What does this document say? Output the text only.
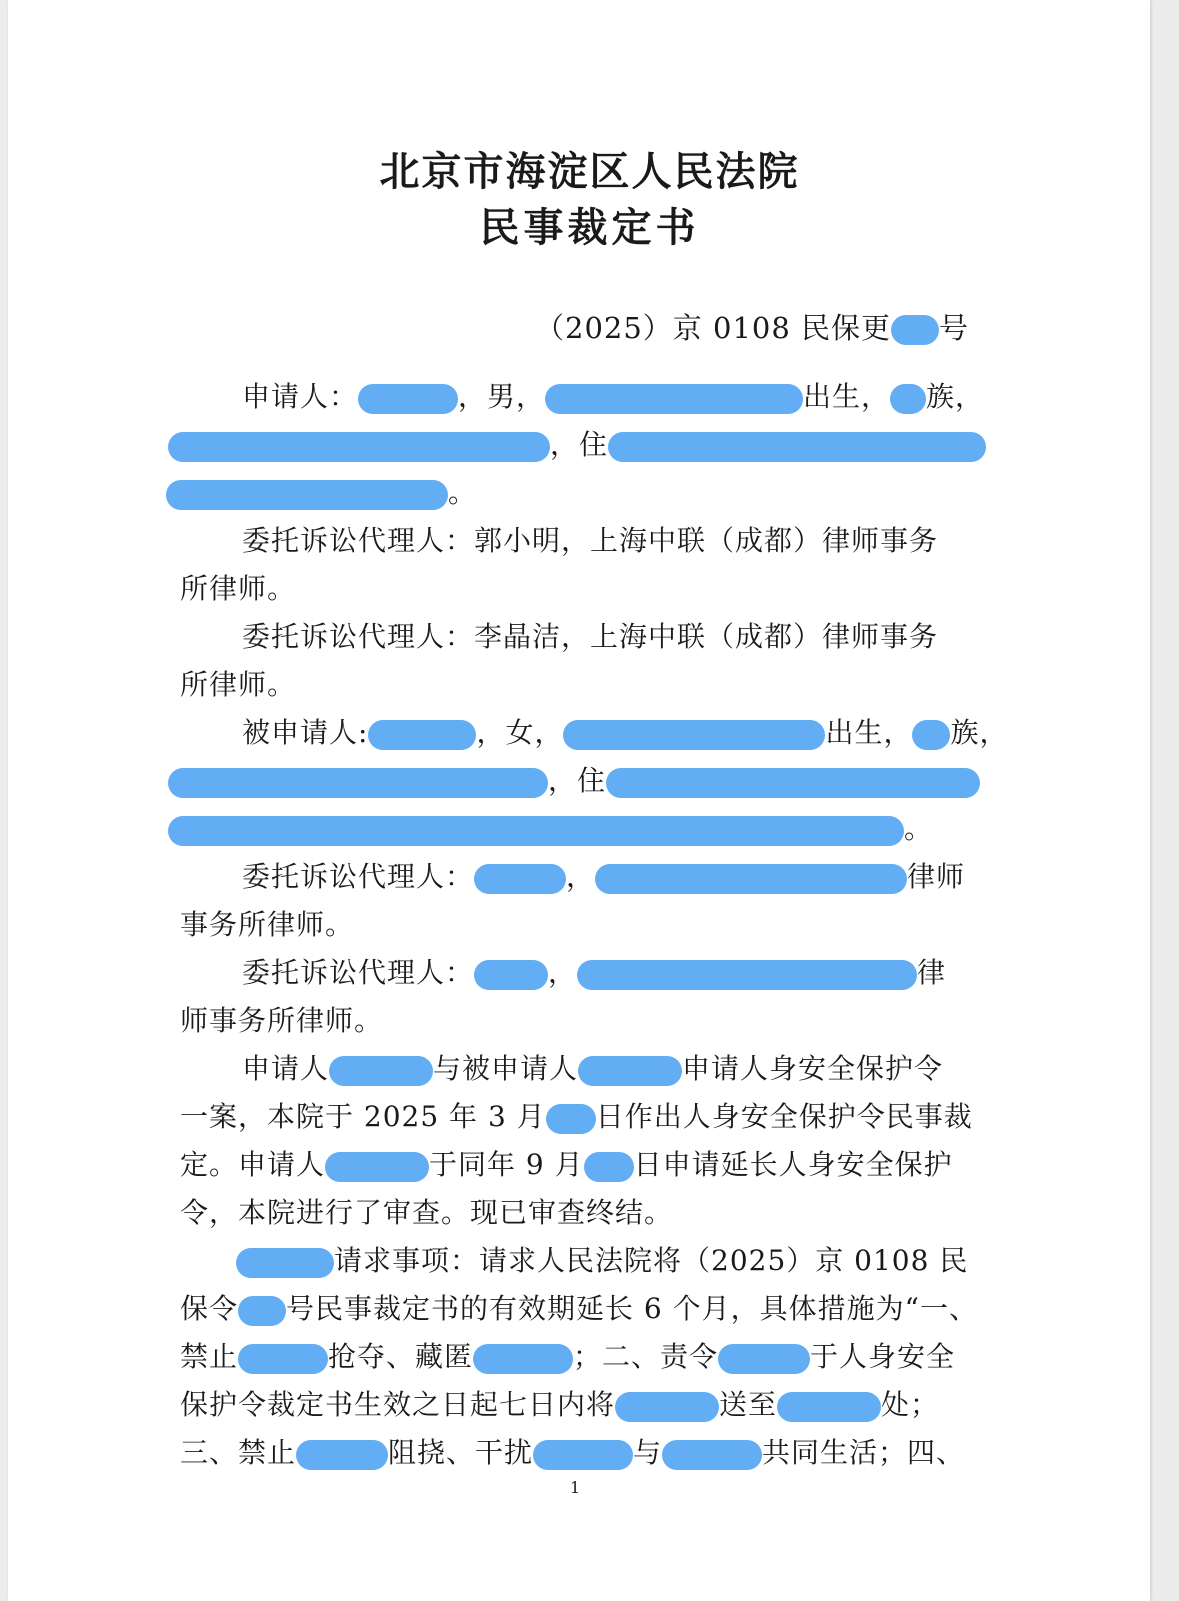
北京市海淀区人民法院
民事裁定书
（2025）京 0108 民保更 号
申请人：	，男，	出生， 族，
，住
。
委托诉讼代理人：郭小明，上海中联（成都）律师事务
所律师。
委托诉讼代理人：李晶洁，上海中联（成都）律师事务
所律师。
被申请人:	，女，	出生， 族，
，住
。
委托诉讼代理人：	，	律师
事务所律师。
委托诉讼代理人：	，	律
师事务所律师。
申请人	与被申请人	申请人身安全保护令
一案，本院于 2025 年 3 月 日作出人身安全保护令民事裁
定。申请人	于同年 9 月 日申请延长人身安全保护
令，本院进行了审查。现已审查终结。
请求事项：请求人民法院将（2025）京 0108 民
保令 号民事裁定书的有效期延长 6 个月，具体措施为“一、
禁止	抢夺、藏匿	；二、责令	于人身安全
保护令裁定书生效之日起七日内将	送至	处；
三、禁止	阻挠、干扰	与	共同生活；四、
1
